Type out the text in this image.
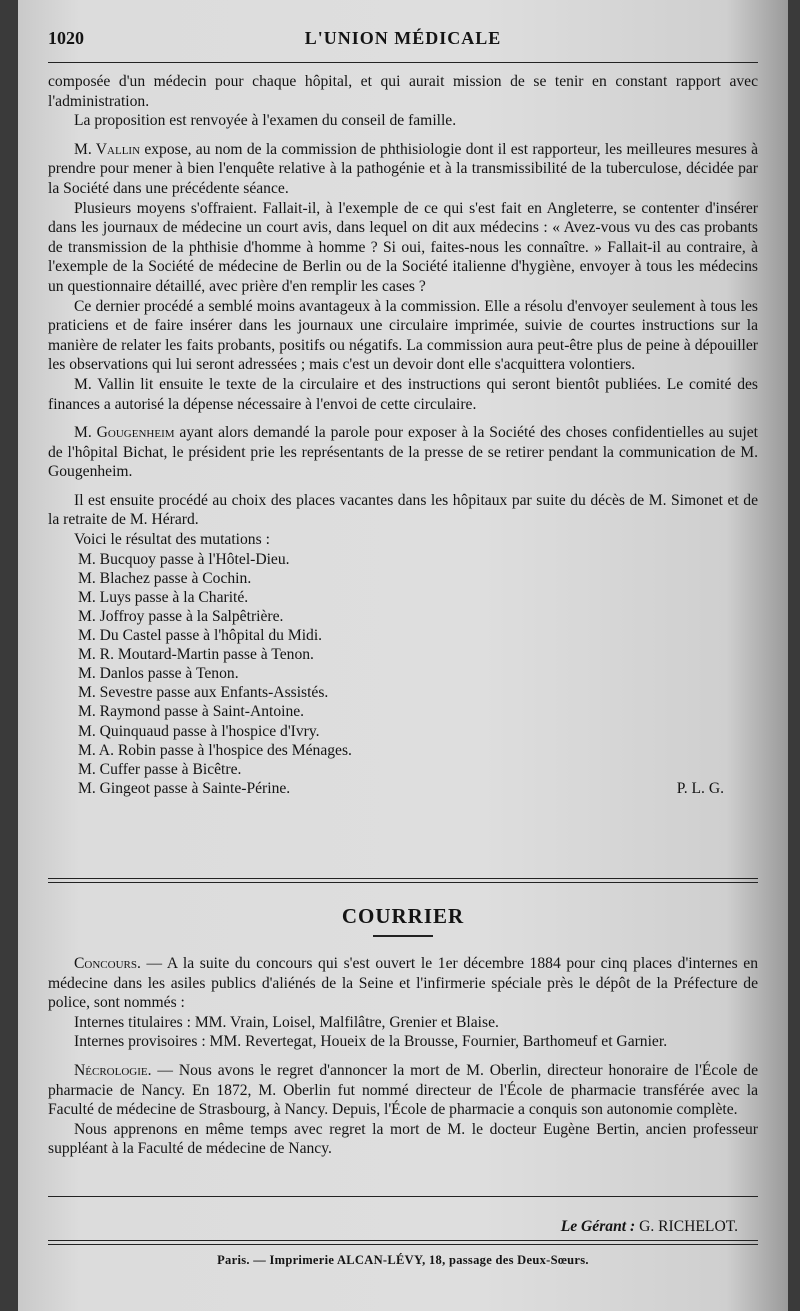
1020	L'UNION MÉDICALE

composée d'un médecin pour chaque hôpital, et qui aurait mission de se tenir en constant rapport avec l'administration.

La proposition est renvoyée à l'examen du conseil de famille.

M. Vallin expose, au nom de la commission de phthisiologie dont il est rapporteur, les meilleures mesures à prendre pour mener à bien l'enquête relative à la pathogénie et à la transmissibilité de la tuberculose, décidée par la Société dans une précédente séance.

Plusieurs moyens s'offraient. Fallait-il, à l'exemple de ce qui s'est fait en Angleterre, se contenter d'insérer dans les journaux de médecine un court avis, dans lequel on dit aux médecins : « Avez-vous vu des cas probants de transmission de la phthisie d'homme à homme ? Si oui, faites-nous les connaître. » Fallait-il au contraire, à l'exemple de la Société de médecine de Berlin ou de la Société italienne d'hygiène, envoyer à tous les médecins un questionnaire détaillé, avec prière d'en remplir les cases ?

Ce dernier procédé a semblé moins avantageux à la commission. Elle a résolu d'envoyer seulement à tous les praticiens et de faire insérer dans les journaux une circulaire imprimée, suivie de courtes instructions sur la manière de relater les faits probants, positifs ou négatifs. La commission aura peut-être plus de peine à dépouiller les observations qui lui seront adressées ; mais c'est un devoir dont elle s'acquittera volontiers.

M. Vallin lit ensuite le texte de la circulaire et des instructions qui seront bientôt publiées. Le comité des finances a autorisé la dépense nécessaire à l'envoi de cette circulaire.

M. Gougenheim ayant alors demandé la parole pour exposer à la Société des choses confidentielles au sujet de l'hôpital Bichat, le président prie les représentants de la presse de se retirer pendant la communication de M. Gougenheim.

Il est ensuite procédé au choix des places vacantes dans les hôpitaux par suite du décès de M. Simonet et de la retraite de M. Hérard.

Voici le résultat des mutations :

M. Bucquoy passe à l'Hôtel-Dieu.
M. Blachez passe à Cochin.
M. Luys passe à la Charité.
M. Joffroy passe à la Salpêtrière.
M. Du Castel passe à l'hôpital du Midi.
M. R. Moutard-Martin passe à Tenon.
M. Danlos passe à Tenon.
M. Sevestre passe aux Enfants-Assistés.
M. Raymond passe à Saint-Antoine.
M. Quinquaud passe à l'hospice d'Ivry.
M. A. Robin passe à l'hospice des Ménages.
M. Cuffer passe à Bicêtre.
M. Gingeot passe à Sainte-Périne.	P. L. G.
COURRIER

Concours. — A la suite du concours qui s'est ouvert le 1er décembre 1884 pour cinq places d'internes en médecine dans les asiles publics d'aliénés de la Seine et l'infirmerie spéciale près le dépôt de la Préfecture de police, sont nommés :

Internes titulaires : MM. Vrain, Loisel, Malfilâtre, Grenier et Blaise.

Internes provisoires : MM. Revertegat, Houeix de la Brousse, Fournier, Barthomeuf et Garnier.

Nécrologie. — Nous avons le regret d'annoncer la mort de M. Oberlin, directeur honoraire de l'École de pharmacie de Nancy. En 1872, M. Oberlin fut nommé directeur de l'École de pharmacie transférée avec la Faculté de médecine de Strasbourg, à Nancy. Depuis, l'École de pharmacie a conquis son autonomie complète.

Nous apprenons en même temps avec regret la mort de M. le docteur Eugène Bertin, ancien professeur suppléant à la Faculté de médecine de Nancy.

Le Gérant : G. RICHELOT.
Paris. — Imprimerie ALCAN-LÉVY, 18, passage des Deux-Sœurs.
